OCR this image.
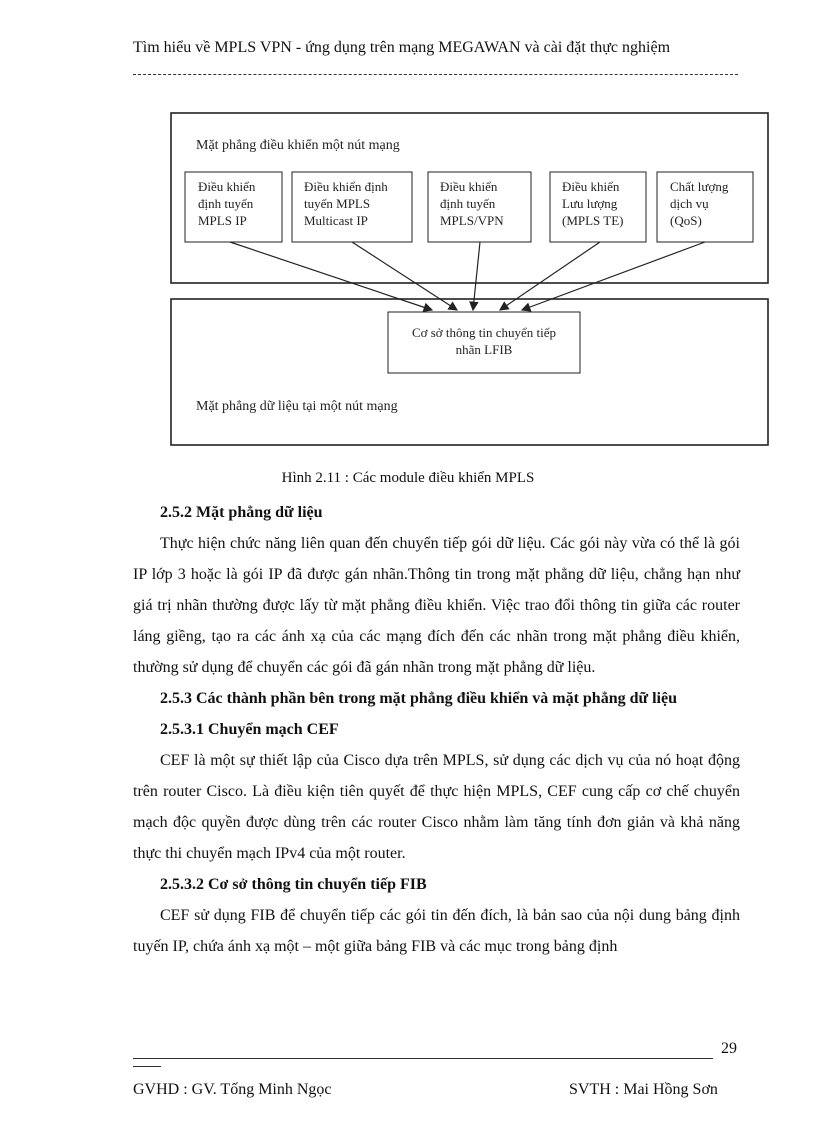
Tìm hiểu về MPLS VPN - ứng dụng trên mạng MEGAWAN và cài đặt thực nghiệm
Mặt phẳng điều khiển một nút mạng
Điều khiển
định tuyến
MPLS IP
Điều khiển định
tuyến MPLS
Multicast IP
Điều khiển
định tuyến
MPLS/VPN
Điều khiển
Lưu lượng
(MPLS TE)
Chất lượng
dịch vụ
(QoS)
Cơ sở thông tin chuyển tiếp
nhãn LFIB
Mặt phẳng dữ liệu tại một nút mạng
Hình 2.11 : Các module điều khiển MPLS
2.5.2 Mặt phẳng dữ liệu

Thực hiện chức năng liên quan đến chuyển tiếp gói dữ liệu. Các gói này vừa có thể là gói IP lớp 3 hoặc là gói IP đã được gán nhãn.Thông tin trong mặt phẳng dữ liệu, chẳng hạn như giá trị nhãn thường được lấy từ mặt phẳng điều khiển. Việc trao đổi thông tin giữa các router láng giềng, tạo ra các ánh xạ của các mạng đích đến các nhãn trong mặt phẳng điều khiển, thường sử dụng để chuyển các gói đã gán nhãn trong mặt phẳng dữ liệu.

2.5.3 Các thành phần bên trong mặt phẳng điều khiển và mặt phẳng dữ liệu
2.5.3.1 Chuyển mạch CEF

CEF là một sự thiết lập của Cisco dựa trên MPLS, sử dụng các dịch vụ của nó hoạt động trên router Cisco. Là điều kiện tiên quyết để thực hiện MPLS, CEF cung cấp cơ chế chuyển mạch độc quyền được dùng trên các router Cisco nhằm làm tăng tính đơn giản và khả năng thực thi chuyển mạch IPv4 của một router.

2.5.3.2 Cơ sở thông tin chuyển tiếp FIB

CEF sử dụng FIB để chuyển tiếp các gói tin đến đích, là bản sao của nội dung bảng định tuyến IP, chứa ánh xạ một – một giữa bảng FIB và các mục trong bảng định

29
GVHD : GV. Tống Minh Ngọc	SVTH : Mai Hồng Sơn
